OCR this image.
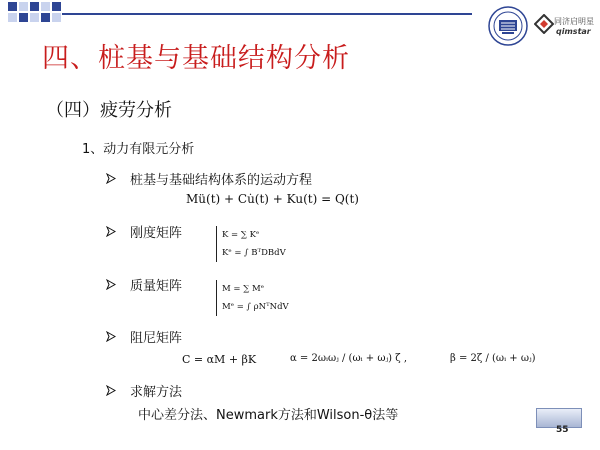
同济启明星
qimstar
四、桩基与基础结构分析
（四）疲劳分析
1、动力有限元分析
桩基与基础结构体系的运动方程
Mü(t) + Cu̇(t) + Ku(t) = Q(t)
刚度矩阵	K = ∑ Kᵉ
Kᵉ = ∫ BᵀDBdV
质量矩阵	M = ∑ Mᵉ
Mᵉ = ∫ ρNᵀNdV
阻尼矩阵
C = αM + βK	α = 2ωᵢωⱼ / (ωᵢ + ωⱼ) ζ ,	β = 2ζ / (ωᵢ + ωⱼ)
求解方法
中心差分法、Newmark方法和Wilson-θ法等
55
